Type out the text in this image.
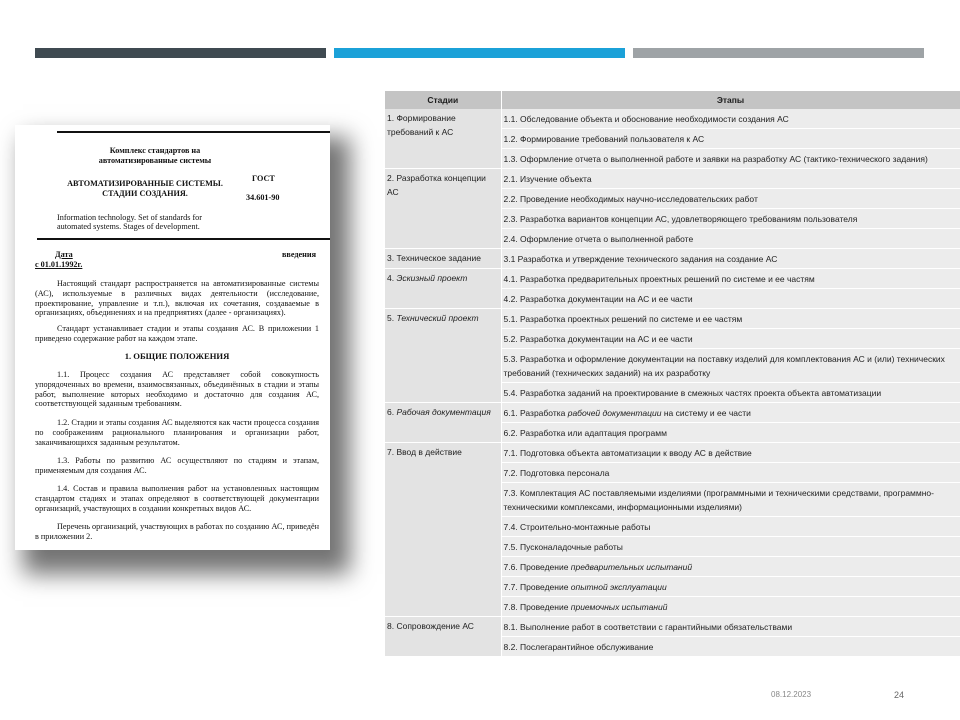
Комплекс стандартов на
автоматизированные системы
АВТОМАТИЗИРОВАННЫЕ СИСТЕМЫ.
СТАДИИ СОЗДАНИЯ.
ГОСТ
34.601-90
Information technology. Set of standards for
automated systems. Stages of development.
Дата	введения
с 01.01.1992г.
Настоящий стандарт распространяется на автоматизированные системы (АС), используемые в различных видах деятельности (исследование, проектирование, управление и т.п.), включая их сочетания, создаваемые в организациях, объединениях и на предприятиях (далее - организациях).
Стандарт устанавливает стадии и этапы создания АС. В приложении 1 приведено содержание работ на каждом этапе.
1. ОБЩИЕ ПОЛОЖЕНИЯ
1.1. Процесс создания АС представляет собой совокупность упорядоченных во времени, взаимосвязанных, объединённых в стадии и этапы работ, выполнение которых необходимо и достаточно для создания АС, соответствующей заданным требованиям.
1.2. Стадии и этапы создания АС выделяются как части процесса создания по соображениям рационального планирования и организации работ, заканчивающихся заданным результатом.
1.3. Работы по развитию АС осуществляют по стадиям и этапам, применяемым для создания АС.
1.4. Состав и правила выполнения работ на установленных настоящим стандартом стадиях и этапах определяют в соответствующей документации организаций, участвующих в создании конкретных видов АС.
Перечень организаций, участвующих в работах по созданию АС, приведён в приложении 2.
Стадии	Этапы
1. Формирование требований к АС	1.1. Обследование объекта и обоснование необходимости создания АС
	1.2. Формирование требований пользователя к АС
	1.3. Оформление отчета о выполненной работе и заявки на разработку АС (тактико-технического задания)
2. Разработка концепции АС	2.1. Изучение объекта
	2.2. Проведение необходимых научно-исследовательских работ
	2.3. Разработка вариантов концепции АС, удовлетворяющего требованиям пользователя
	2.4. Оформление отчета о выполненной работе
3. Техническое задание	3.1 Разработка и утверждение технического задания на создание АС
4. Эскизный проект	4.1. Разработка предварительных проектных решений по системе и ее частям
	4.2. Разработка документации на АС и ее части
5. Технический проект	5.1. Разработка проектных решений по системе и ее частям
	5.2. Разработка документации на АС и ее части
	5.3. Разработка и оформление документации на поставку изделий для комплектования АС и (или) технических требований (технических заданий) на их разработку
	5.4. Разработка заданий на проектирование в смежных частях проекта объекта автоматизации
6. Рабочая документация	6.1. Разработка рабочей документации на систему и ее части
	6.2. Разработка или адаптация программ
7. Ввод в действие	7.1. Подготовка объекта автоматизации к вводу АС в действие
	7.2. Подготовка персонала
	7.3. Комплектация АС поставляемыми изделиями (программными и техническими средствами, программно-техническими комплексами, информационными изделиями)
	7.4. Строительно-монтажные работы
	7.5. Пусконаладочные работы
	7.6. Проведение предварительных испытаний
	7.7. Проведение опытной эксплуатации
	7.8. Проведение приемочных испытаний
8. Сопровождение АС	8.1. Выполнение работ в соответствии с гарантийными обязательствами
	8.2. Послегарантийное обслуживание
08.12.2023	24
